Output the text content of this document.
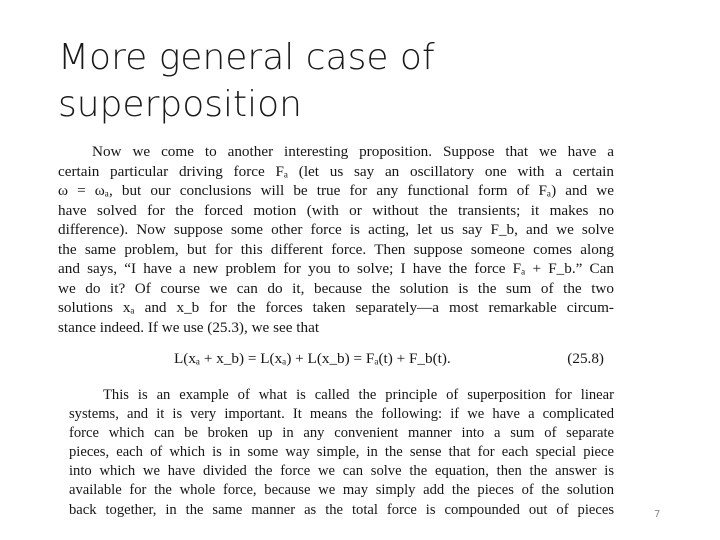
More general case of
superposition
Now we come to another interesting proposition. Suppose that we have a
certain particular driving force Fₐ (let us say an oscillatory one with a certain
ω = ωₐ, but our conclusions will be true for any functional form of Fₐ) and we
have solved for the forced motion (with or without the transients; it makes no
difference). Now suppose some other force is acting, let us say F_b, and we solve
the same problem, but for this different force. Then suppose someone comes along
and says, “I have a new problem for you to solve; I have the force Fₐ + F_b.” Can
we do it? Of course we can do it, because the solution is the sum of the two
solutions xₐ and x_b for the forces taken separately—a most remarkable circum-
stance indeed. If we use (25.3), we see that
L(xₐ + x_b) = L(xₐ) + L(x_b) = Fₐ(t) + F_b(t).	(25.8)
This is an example of what is called the principle of superposition for linear
systems, and it is very important. It means the following: if we have a complicated
force which can be broken up in any convenient manner into a sum of separate
pieces, each of which is in some way simple, in the sense that for each special piece
into which we have divided the force we can solve the equation, then the answer is
available for the whole force, because we may simply add the pieces of the solution
back together, in the same manner as the total force is compounded out of pieces	7
